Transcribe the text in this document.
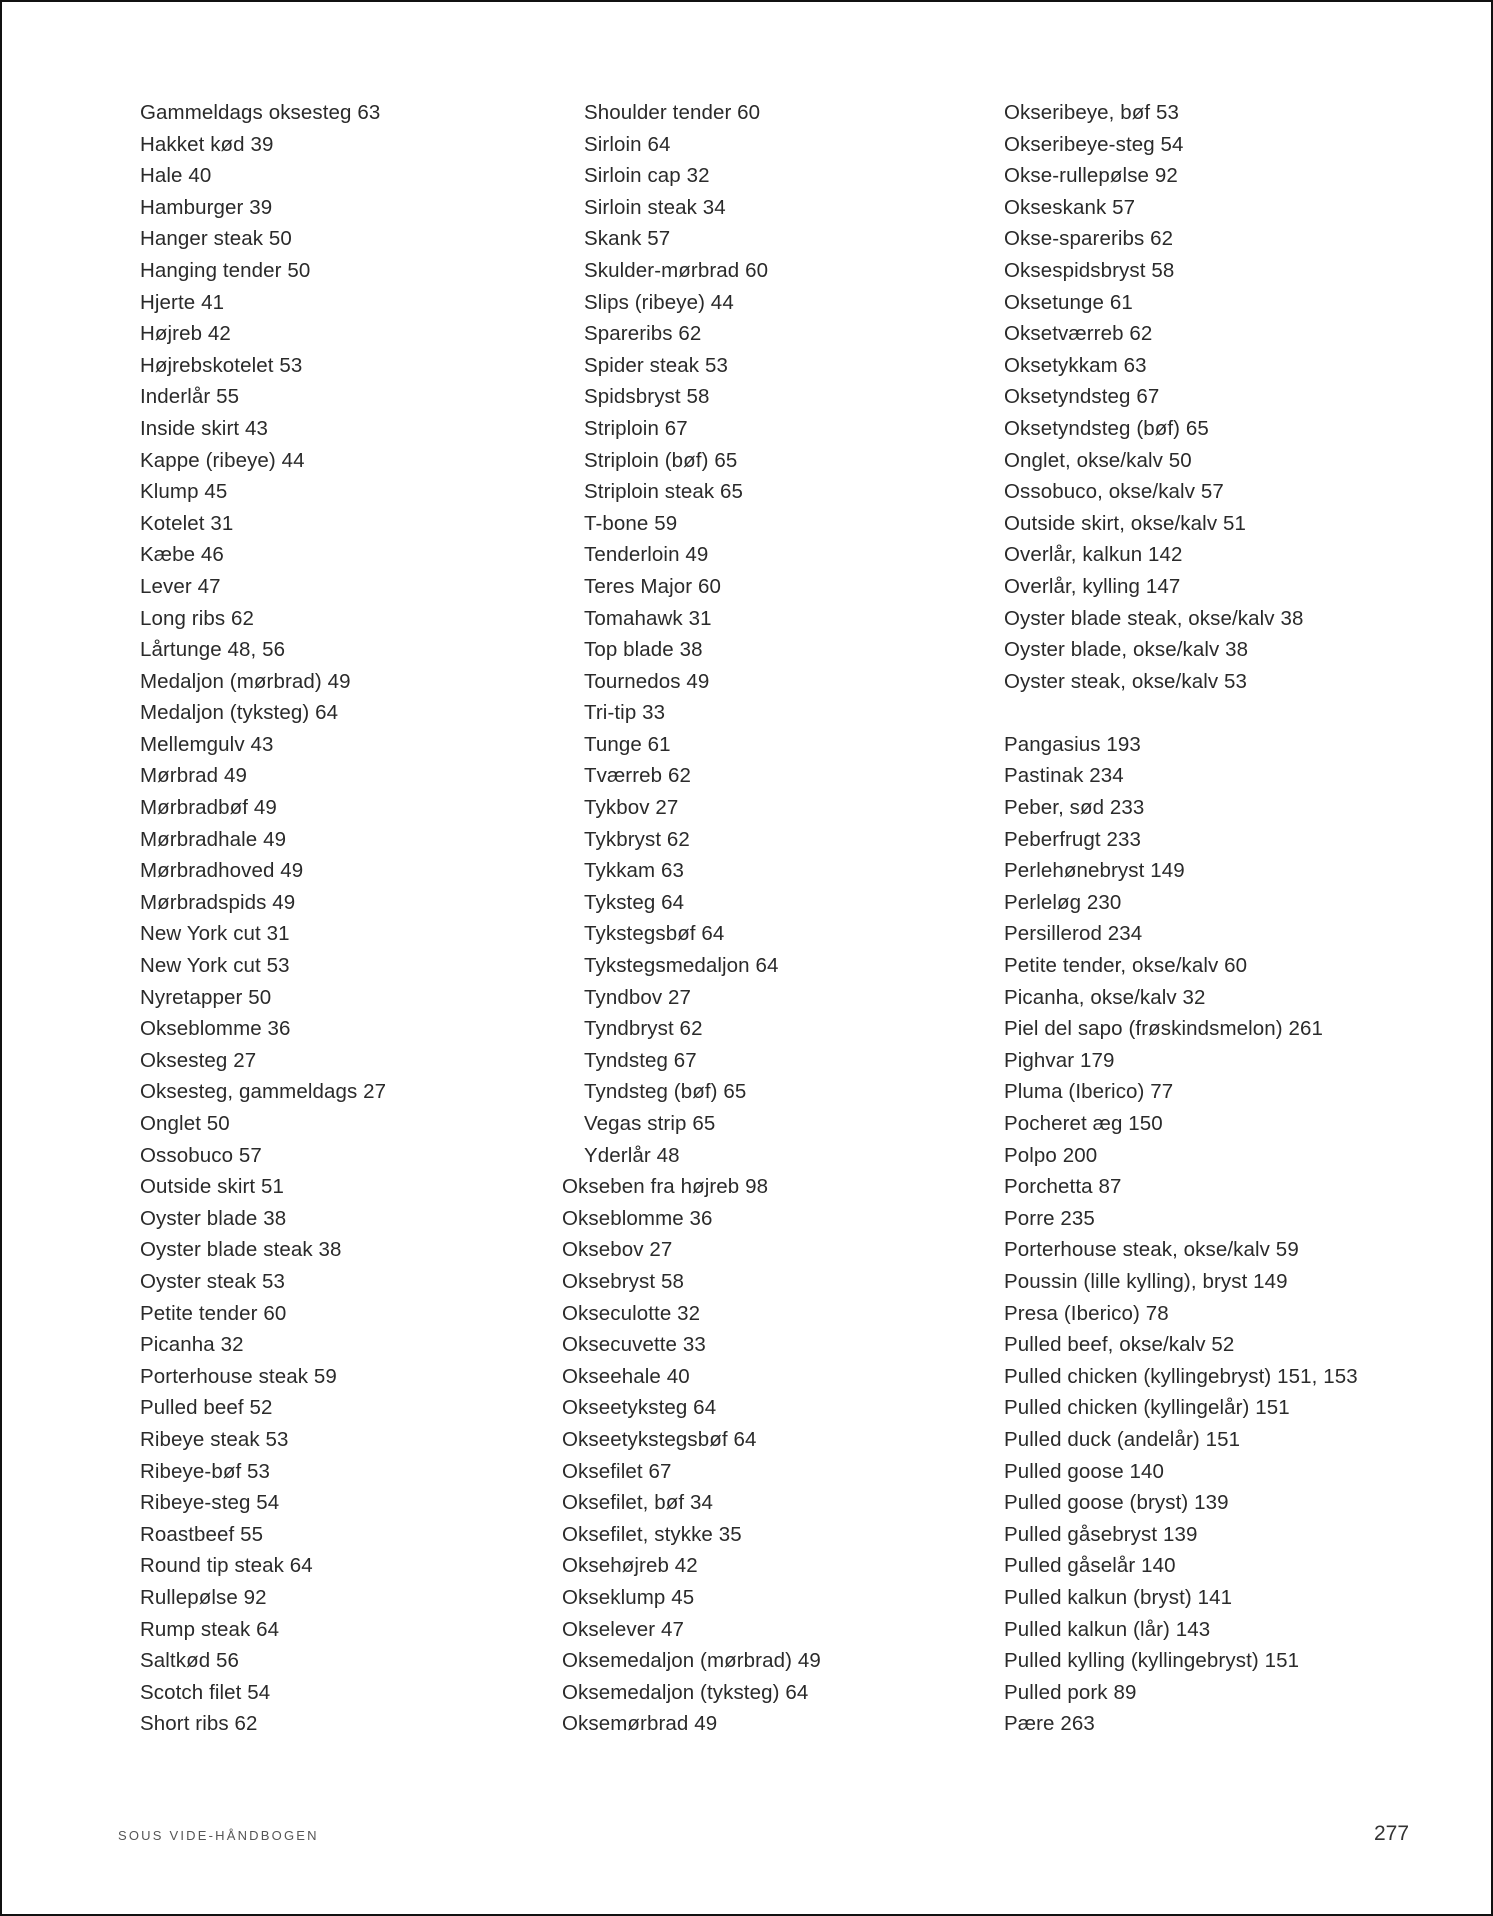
Gammeldags oksesteg 63
Hakket kød 39
Hale 40
Hamburger 39
Hanger steak 50
Hanging tender 50
Hjerte 41
Højreb 42
Højrebskotelet 53
Inderlår 55
Inside skirt 43
Kappe (ribeye) 44
Klump 45
Kotelet 31
Kæbe 46
Lever 47
Long ribs 62
Lårtunge 48, 56
Medaljon (mørbrad) 49
Medaljon (tyksteg) 64
Mellemgulv 43
Mørbrad 49
Mørbradbøf 49
Mørbradhale 49
Mørbradhoved 49
Mørbradspids 49
New York cut 31
New York cut 53
Nyretapper 50
Okseblomme 36
Oksesteg 27
Oksesteg, gammeldags 27
Onglet 50
Ossobuco 57
Outside skirt 51
Oyster blade 38
Oyster blade steak 38
Oyster steak 53
Petite tender 60
Picanha 32
Porterhouse steak 59
Pulled beef 52
Ribeye steak 53
Ribeye-bøf 53
Ribeye-steg 54
Roastbeef 55
Round tip steak 64
Rullepølse 92
Rump steak 64
Saltkød 56
Scotch filet 54
Short ribs 62
Shoulder tender 60
Sirloin 64
Sirloin cap 32
Sirloin steak 34
Skank 57
Skulder-mørbrad 60
Slips (ribeye) 44
Spareribs 62
Spider steak 53
Spidsbryst 58
Striploin 67
Striploin (bøf) 65
Striploin steak 65
T-bone 59
Tenderloin 49
Teres Major 60
Tomahawk 31
Top blade 38
Tournedos 49
Tri-tip 33
Tunge 61
Tværreb 62
Tykbov 27
Tykbryst 62
Tykkam 63
Tyksteg 64
Tykstegsbøf 64
Tykstegsmedaljon 64
Tyndbov 27
Tyndbryst 62
Tyndsteg 67
Tyndsteg (bøf) 65
Vegas strip 65
Yderlår 48
Okseben fra højreb 98
Okseblomme 36
Oksebov 27
Oksebryst 58
Okseculotte 32
Oksecuvette 33
Okseehale 40
Okseetyksteg 64
Okseetykstegsbøf 64
Oksefilet 67
Oksefilet, bøf 34
Oksefilet, stykke 35
Oksehøjreb 42
Okseklump 45
Okselever 47
Oksemedaljon (mørbrad) 49
Oksemedaljon (tyksteg) 64
Oksemørbrad 49
Okseribeye, bøf 53
Okseribeye-steg 54
Okse-rullepølse 92
Okseskank 57
Okse-spareribs 62
Oksespidsbryst 58
Oksetunge 61
Oksetværreb 62
Oksetykkam 63
Oksetyndsteg 67
Oksetyndsteg (bøf) 65
Onglet, okse/kalv 50
Ossobuco, okse/kalv 57
Outside skirt, okse/kalv 51
Overlår, kalkun 142
Overlår, kylling 147
Oyster blade steak, okse/kalv 38
Oyster blade, okse/kalv 38
Oyster steak, okse/kalv 53
Pangasius 193
Pastinak 234
Peber, sød 233
Peberfrugt 233
Perlehønebryst 149
Perleløg 230
Persillerod 234
Petite tender, okse/kalv 60
Picanha, okse/kalv 32
Piel del sapo (frøskindsmelon) 261
Pighvar 179
Pluma (Iberico) 77
Pocheret æg 150
Polpo 200
Porchetta 87
Porre 235
Porterhouse steak, okse/kalv 59
Poussin (lille kylling), bryst 149
Presa (Iberico) 78
Pulled beef, okse/kalv 52
Pulled chicken (kyllingebryst) 151, 153
Pulled chicken (kyllingelår) 151
Pulled duck (andelår) 151
Pulled goose 140
Pulled goose (bryst) 139
Pulled gåsebryst 139
Pulled gåselår 140
Pulled kalkun (bryst) 141
Pulled kalkun (lår) 143
Pulled kylling (kyllingebryst) 151
Pulled pork 89
Pære 263
SOUS VIDE-HÅNDBOGEN	277
